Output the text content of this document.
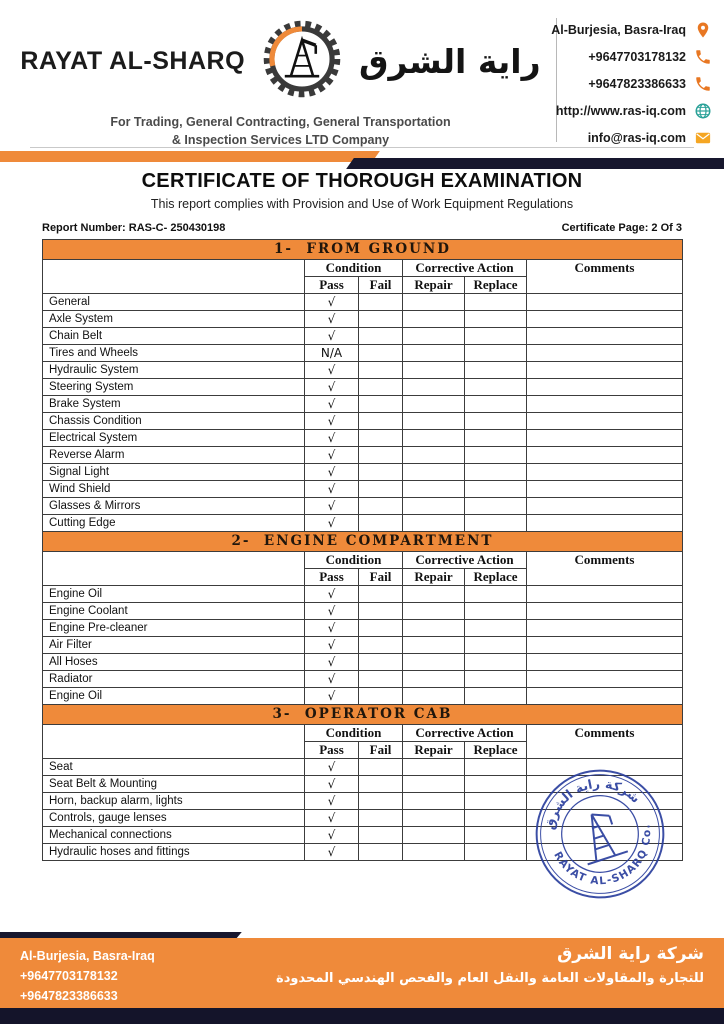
RAYAT AL-SHARQ	راية الشرق
For Trading, General Contracting, General Transportation
& Inspection Services LTD Company
Al-Burjesia, Basra-Iraq
+9647703178132
+9647823386633
http://www.ras-iq.com
info@ras-iq.com
CERTIFICATE OF THOROUGH EXAMINATION
This report complies with Provision and Use of Work Equipment Regulations
Report Number: RAS-C- 250430198	Certificate Page: 2 Of 3
1-  FROM GROUND					
	Condition		Corrective Action		Comments
	Pass	Fail	Repair	Replace	
General	√				
Axle System	√				
Chain Belt	√				
Tires and Wheels	N/A				
Hydraulic System	√				
Steering System	√				
Brake System	√				
Chassis Condition	√				
Electrical System	√				
Reverse Alarm	√				
Signal Light	√				
Wind Shield	√				
Glasses & Mirrors	√				
Cutting Edge	√				
2-  ENGINE COMPARTMENT					
	Condition		Corrective Action		Comments
	Pass	Fail	Repair	Replace	
Engine Oil	√				
Engine Coolant	√				
Engine Pre-cleaner	√				
Air Filter	√				
All Hoses	√				
Radiator	√				
Engine Oil	√				
3-  OPERATOR CAB					
	Condition		Corrective Action		Comments
	Pass	Fail	Repair	Replace	
Seat	√				
Seat Belt & Mounting	√				
Horn, backup alarm, lights	√				
Controls, gauge lenses	√				
Mechanical connections	√				
Hydraulic hoses and fittings	√				
شركة راية الشرق
RAYAT AL-SHARQ Co.
Al-Burjesia, Basra-Iraq
+9647703178132
+9647823386633
شركة راية الشرق
للتجارة والمقاولات العامة والنقل العام والفحص الهندسي المحدودة
